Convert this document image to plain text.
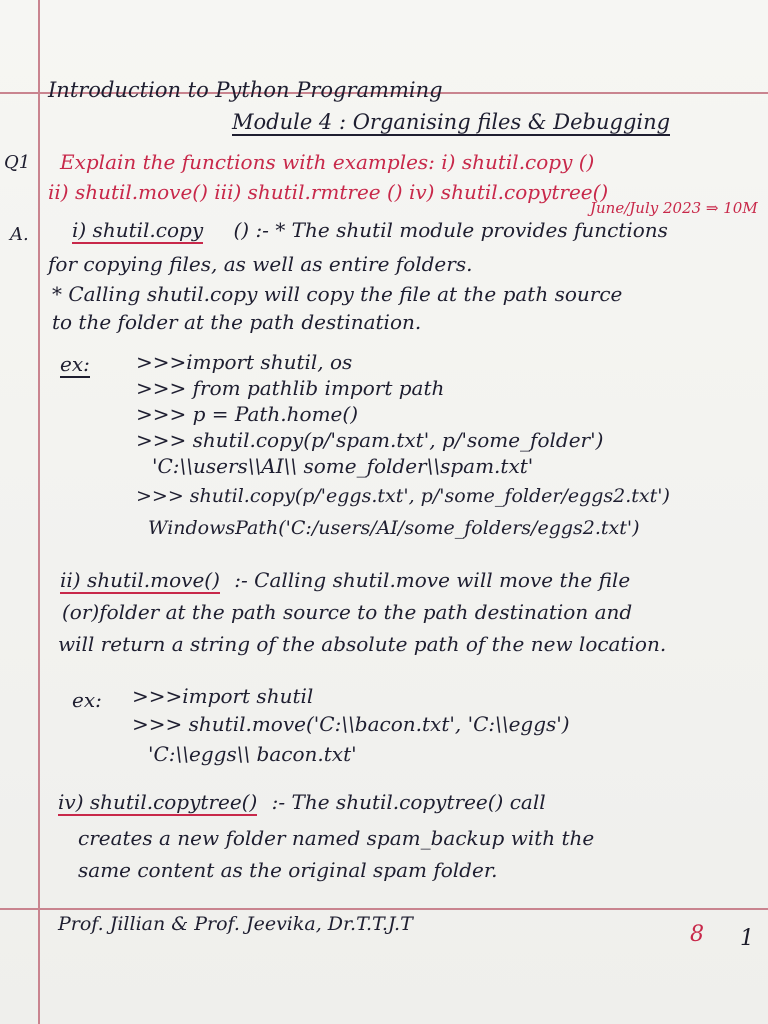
Introduction to Python Programming
Module 4 : Organising files & Debugging
Q1 Explain the functions with examples: i) shutil.copy ()
ii) shutil.move() iii) shutil.rmtree () iv) shutil.copytree()
June/July 2023 ⇒ 10M
A. i) shutil.copy () :- * The shutil module provides functions
for copying files, as well as entire folders.
* Calling shutil.copy will copy the file at the path source
to the folder at the path destination.
ex: >>>import shutil, os
>>> from pathlib import path
>>> p = Path.home()
>>> shutil.copy(p/'spam.txt', p/'some_folder')
'C:\\users\\AI\\ some_folder\\spam.txt'
>>> shutil.copy(p/'eggs.txt', p/'some_folder/eggs2.txt')
WindowsPath('C:/users/AI/some_folders/eggs2.txt')
ii) shutil.move() :- Calling shutil.move will move the file
(or)folder at the path source to the path destination and
will return a string of the absolute path of the new location.
ex: >>>import shutil
>>> shutil.move('C:\\bacon.txt', 'C:\\eggs')
'C:\\eggs\\ bacon.txt'
iv) shutil.copytree() :- The shutil.copytree() call
creates a new folder named spam_backup with the
same content as the original spam folder.
Prof. Jillian & Prof. Jeevika, Dr.T.T.J.T	8 1
